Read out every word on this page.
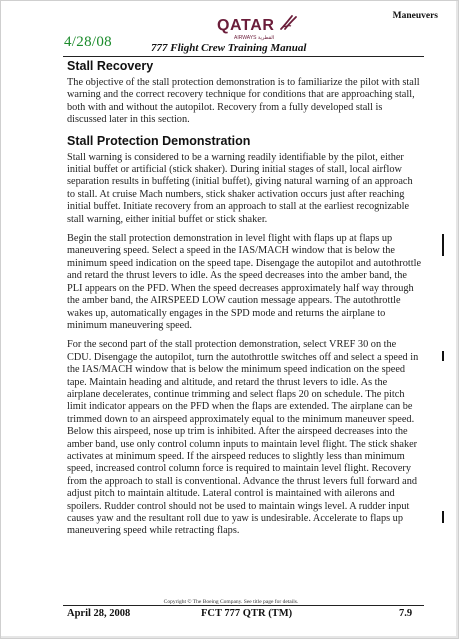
Maneuvers
4/28/08
QATAR
AIRWAYS القطرية
777 Flight Crew Training Manual
Stall Recovery

The objective of the stall protection demonstration is to familiarize the pilot with stall warning and the correct recovery technique for conditions that are approaching stall, both with and without the autopilot. Recovery from a fully developed stall is discussed later in this section.

Stall Protection Demonstration

Stall warning is considered to be a warning readily identifiable by the pilot, either initial buffet or artificial (stick shaker). During initial stages of stall, local airflow separation results in buffeting (initial buffet), giving natural warning of an approach to stall. At cruise Mach numbers, stick shaker activation occurs just after reaching initial buffet. Initiate recovery from an approach to stall at the earliest recognizable stall warning, either initial buffet or stick shaker.

Begin the stall protection demonstration in level flight with flaps up at flaps up maneuvering speed. Select a speed in the IAS/MACH window that is below the minimum speed indication on the speed tape. Disengage the autopilot and autothrottle and retard the thrust levers to idle. As the speed decreases into the amber band, the PLI appears on the PFD. When the speed decreases approximately half way through the amber band, the AIRSPEED LOW caution message appears. The autothrottle wakes up, automatically engages in the SPD mode and returns the airplane to minimum maneuvering speed.

For the second part of the stall protection demonstration, select VREF 30 on the CDU. Disengage the autopilot, turn the autothrottle switches off and select a speed in the IAS/MACH window that is below the minimum speed indication on the speed tape. Maintain heading and altitude, and retard the thrust levers to idle. As the airplane decelerates, continue trimming and select flaps 20 on schedule. The pitch limit indicator appears on the PFD when the flaps are extended. The airplane can be trimmed down to an airspeed approximately equal to the minimum maneuver speed. Below this airspeed, nose up trim is inhibited. After the airspeed decreases into the amber band, use only control column inputs to maintain level flight. The stick shaker activates at minimum speed. If the airspeed reduces to slightly less than minimum speed, increased control column force is required to maintain level flight. Recovery from the approach to stall is conventional. Advance the thrust levers full forward and adjust pitch to maintain altitude. Lateral control is maintained with ailerons and spoilers. Rudder control should not be used to maintain wings level. A rudder input causes yaw and the resultant roll due to yaw is undesirable. Accelerate to flaps up maneuvering speed while retracting flaps.

Copyright © The Boeing Company. See title page for details.
April 28, 2008	FCT 777 QTR (TM)	7.9
